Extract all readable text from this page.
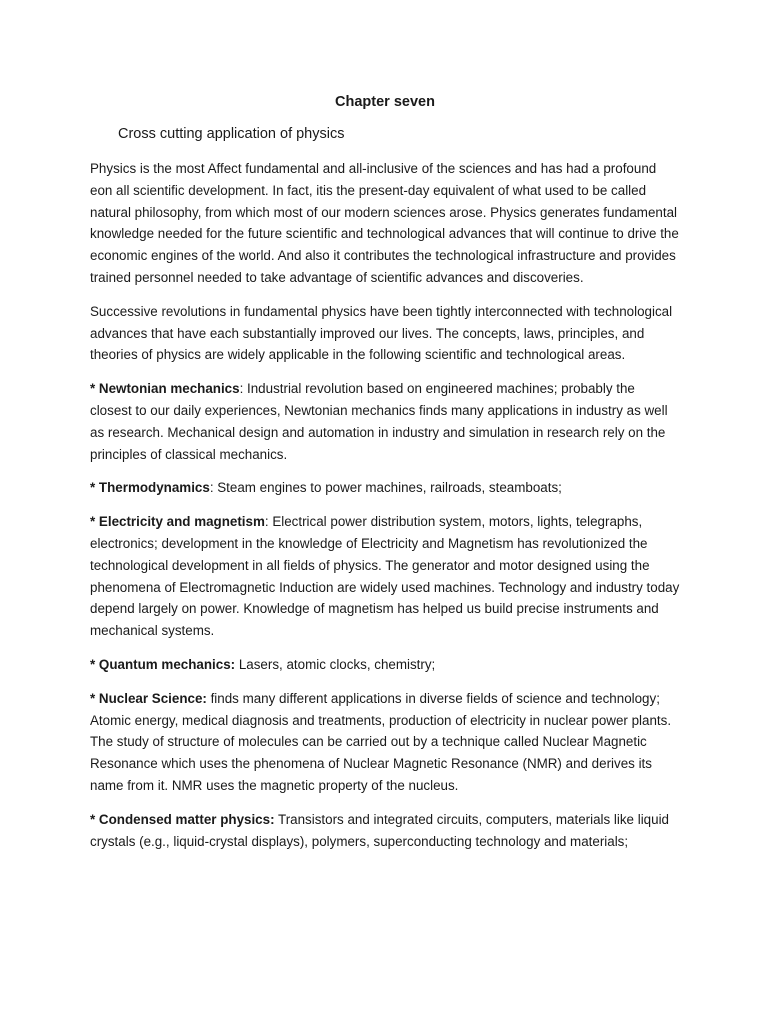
Chapter seven
Cross cutting application of physics

Physics is the most Affect fundamental and all-inclusive of the sciences and has had a profound eon all scientific development. In fact, itis the present-day equivalent of what used to be called natural philosophy, from which most of our modern sciences arose. Physics generates fundamental knowledge needed for the future scientific and technological advances that will continue to drive the economic engines of the world. And also it contributes the technological infrastructure and provides trained personnel needed to take advantage of scientific advances and discoveries.

Successive revolutions in fundamental physics have been tightly interconnected with technological advances that have each substantially improved our lives. The concepts, laws, principles, and theories of physics are widely applicable in the following scientific and technological areas.

* Newtonian mechanics: Industrial revolution based on engineered machines; probably the closest to our daily experiences, Newtonian mechanics finds many applications in industry as well as research. Mechanical design and automation in industry and simulation in research rely on the principles of classical mechanics.

* Thermodynamics: Steam engines to power machines, railroads, steamboats;

* Electricity and magnetism: Electrical power distribution system, motors, lights, telegraphs, electronics; development in the knowledge of Electricity and Magnetism has revolutionized the technological development in all fields of physics. The generator and motor designed using the phenomena of Electromagnetic Induction are widely used machines. Technology and industry today depend largely on power. Knowledge of magnetism has helped us build precise instruments and mechanical systems.

* Quantum mechanics: Lasers, atomic clocks, chemistry;

* Nuclear Science: finds many different applications in diverse fields of science and technology; Atomic energy, medical diagnosis and treatments, production of electricity in nuclear power plants. The study of structure of molecules can be carried out by a technique called Nuclear Magnetic Resonance which uses the phenomena of Nuclear Magnetic Resonance (NMR) and derives its name from it. NMR uses the magnetic property of the nucleus.

* Condensed matter physics: Transistors and integrated circuits, computers, materials like liquid crystals (e.g., liquid-crystal displays), polymers, superconducting technology and materials;
